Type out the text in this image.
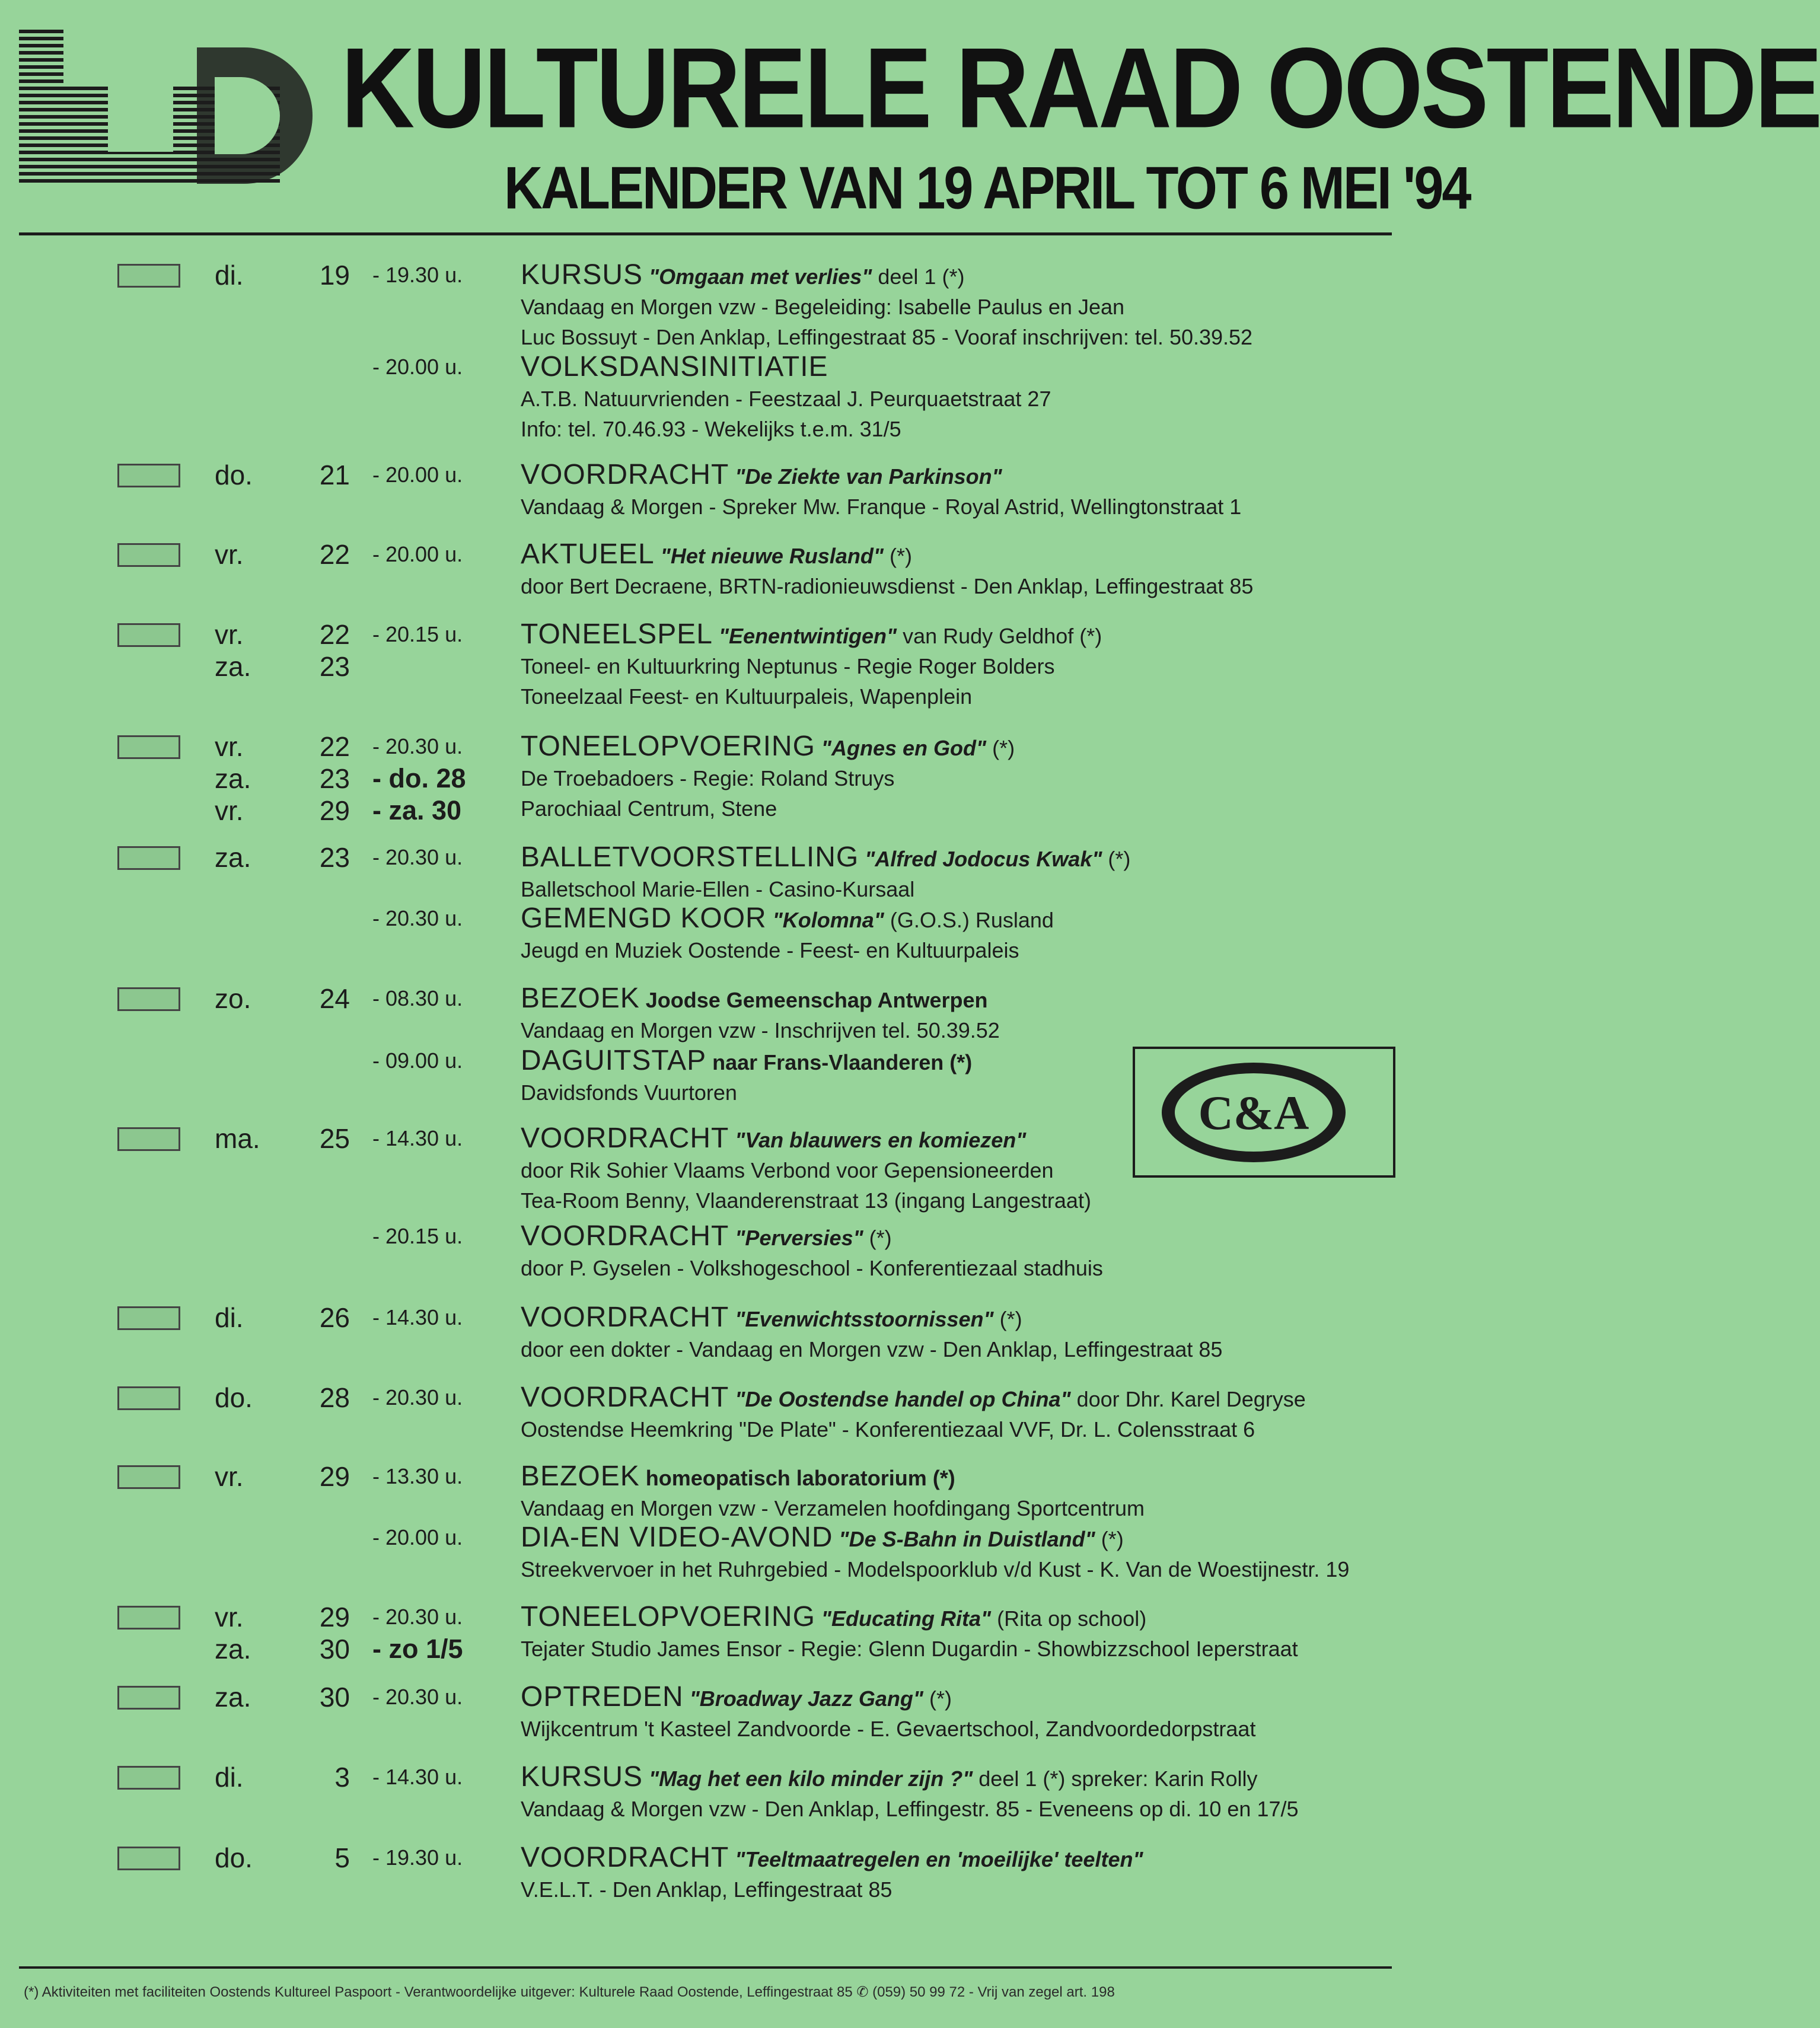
KULTURELE RAAD OOSTENDE
KALENDER VAN 19 APRIL TOT 6 MEI '94
di.	19 - 19.30 u. KURSUS "Omgaan met verlies" deel 1 (*)
Vandaag en Morgen vzw - Begeleiding: Isabelle Paulus en Jean
Luc Bossuyt - Den Anklap, Leffingestraat 85 - Vooraf inschrijven: tel. 50.39.52
- 20.00 u. VOLKSDANSINITIATIE
A.T.B. Natuurvrienden - Feestzaal J. Peurquaetstraat 27
Info: tel. 70.46.93 - Wekelijks t.e.m. 31/5
do.	21 - 20.00 u. VOORDRACHT "De Ziekte van Parkinson"
Vandaag & Morgen - Spreker Mw. Franque - Royal Astrid, Wellingtonstraat 1
vr.	22 - 20.00 u. AKTUEEL "Het nieuwe Rusland" (*)
door Bert Decraene, BRTN-radionieuwsdienst - Den Anklap, Leffingestraat 85
vr.	22 - 20.15 u.
za.	23
TONEELSPEL "Eenentwintigen" van Rudy Geldhof (*)
Toneel- en Kultuurkring Neptunus - Regie Roger Bolders
Toneelzaal Feest- en Kultuurpaleis, Wapenplein
vr.	22 - 20.30 u.
za.	23 - do. 28
vr.	29 - za. 30
TONEELOPVOERING "Agnes en God" (*)
De Troebadoers - Regie: Roland Struys
Parochiaal Centrum, Stene
za.	23 - 20.30 u. BALLETVOORSTELLING "Alfred Jodocus Kwak" (*)
Balletschool Marie-Ellen - Casino-Kursaal
- 20.30 u. GEMENGD KOOR "Kolomna" (G.O.S.) Rusland
Jeugd en Muziek Oostende - Feest- en Kultuurpaleis
zo.	24 - 08.30 u. BEZOEK Joodse Gemeenschap Antwerpen
Vandaag en Morgen vzw - Inschrijven tel. 50.39.52
- 09.00 u. DAGUITSTAP naar Frans-Vlaanderen (*)
Davidsfonds Vuurtoren
ma.	25 - 14.30 u. VOORDRACHT "Van blauwers en komiezen"
door Rik Sohier Vlaams Verbond voor Gepensioneerden
Tea-Room Benny, Vlaanderenstraat 13 (ingang Langestraat)
- 20.15 u. VOORDRACHT "Perversies" (*)
door P. Gyselen - Volkshogeschool - Konferentiezaal stadhuis
di.	26 - 14.30 u. VOORDRACHT "Evenwichtsstoornissen" (*)
door een dokter - Vandaag en Morgen vzw - Den Anklap, Leffingestraat 85
do.	28 - 20.30 u. VOORDRACHT "De Oostendse handel op China" door Dhr. Karel Degryse
Oostendse Heemkring "De Plate" - Konferentiezaal VVF, Dr. L. Colensstraat 6
vr.	29 - 13.30 u. BEZOEK homeopatisch laboratorium (*)
Vandaag en Morgen vzw - Verzamelen hoofdingang Sportcentrum
- 20.00 u. DIA-EN VIDEO-AVOND "De S-Bahn in Duistland" (*)
Streekvervoer in het Ruhrgebied - Modelspoorklub v/d Kust - K. Van de Woestijnestr. 19
vr.	29 - 20.30 u.
za.	30 - zo 1/5
TONEELOPVOERING "Educating Rita" (Rita op school)
Tejater Studio James Ensor - Regie: Glenn Dugardin - Showbizzschool Ieperstraat
za.	30 - 20.30 u. OPTREDEN "Broadway Jazz Gang" (*)
Wijkcentrum 't Kasteel Zandvoorde - E. Gevaertschool, Zandvoordedorpstraat
di.	3 - 14.30 u. KURSUS "Mag het een kilo minder zijn ?" deel 1 (*) spreker: Karin Rolly
Vandaag & Morgen vzw - Den Anklap, Leffingestr. 85 - Eveneens op di. 10 en 17/5
do.	5 - 19.30 u. VOORDRACHT "Teeltmaatregelen en 'moeilijke' teelten"
V.E.L.T. - Den Anklap, Leffingestraat 85
C&A
(*) Aktiviteiten met faciliteiten Oostends Kultureel Paspoort - Verantwoordelijke uitgever: Kulturele Raad Oostende, Leffingestraat 85 ✆ (059) 50 99 72 - Vrij van zegel art. 198
